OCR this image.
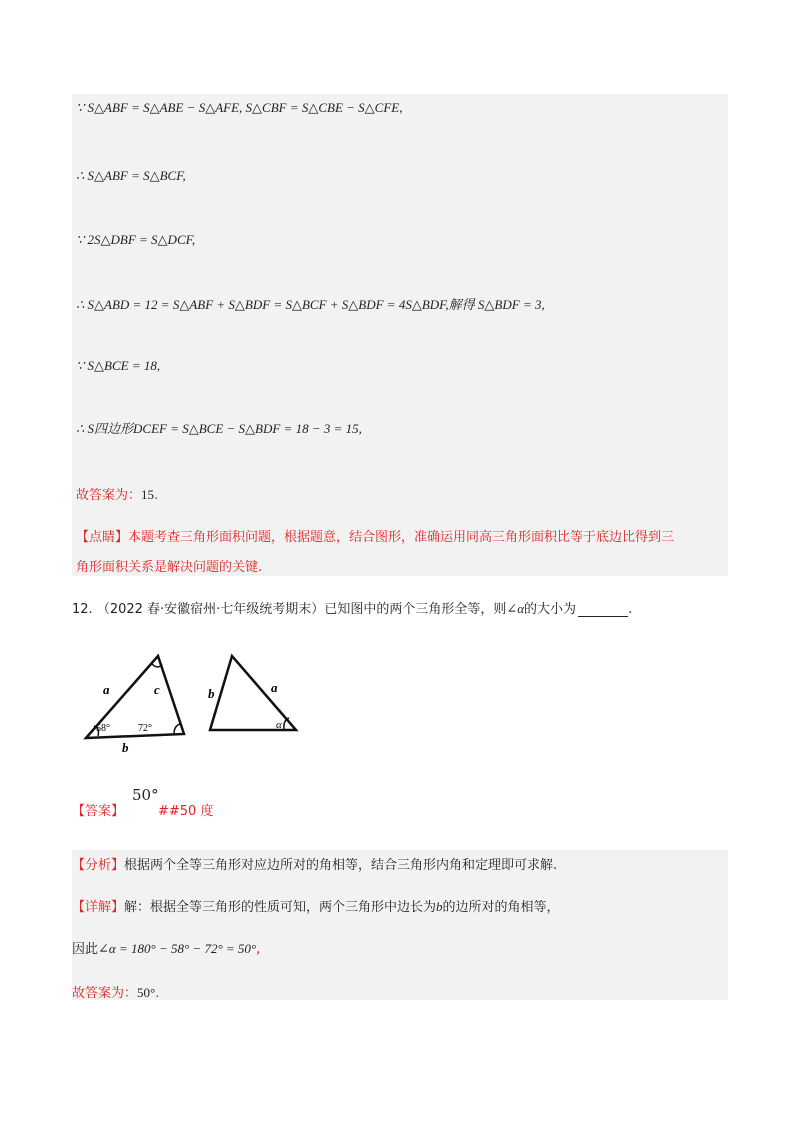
∵ S△ABF = S△ABE − S△AFE, S△CBF = S△CBE − S△CFE,
∴ S△ABF = S△BCF,
∵ 2S△DBF = S△DCF,
∴ S△ABD = 12 = S△ABF + S△BDF = S△BCF + S△BDF = 4S△BDF,解得 S△BDF = 3,
∵ S△BCE = 18,
∴ S四边形DCEF = S△BCE − S△BDF = 18 − 3 = 15,
故答案为：15.
【点睛】本题考查三角形面积问题，根据题意，结合图形，准确运用同高三角形面积比等于底边比得到三
角形面积关系是解决问题的关键.
12. （2022 春·安徽宿州·七年级统考期末）已知图中的两个三角形全等，则∠α的大小为	.
a	c
b
58°	72°
b	a
α
【答案】
50°
##50 度
【分析】根据两个全等三角形对应边所对的角相等，结合三角形内角和定理即可求解.
【详解】解：根据全等三角形的性质可知，两个三角形中边长为b的边所对的角相等，
因此∠α = 180° − 58° − 72° = 50°,
故答案为：50°.
